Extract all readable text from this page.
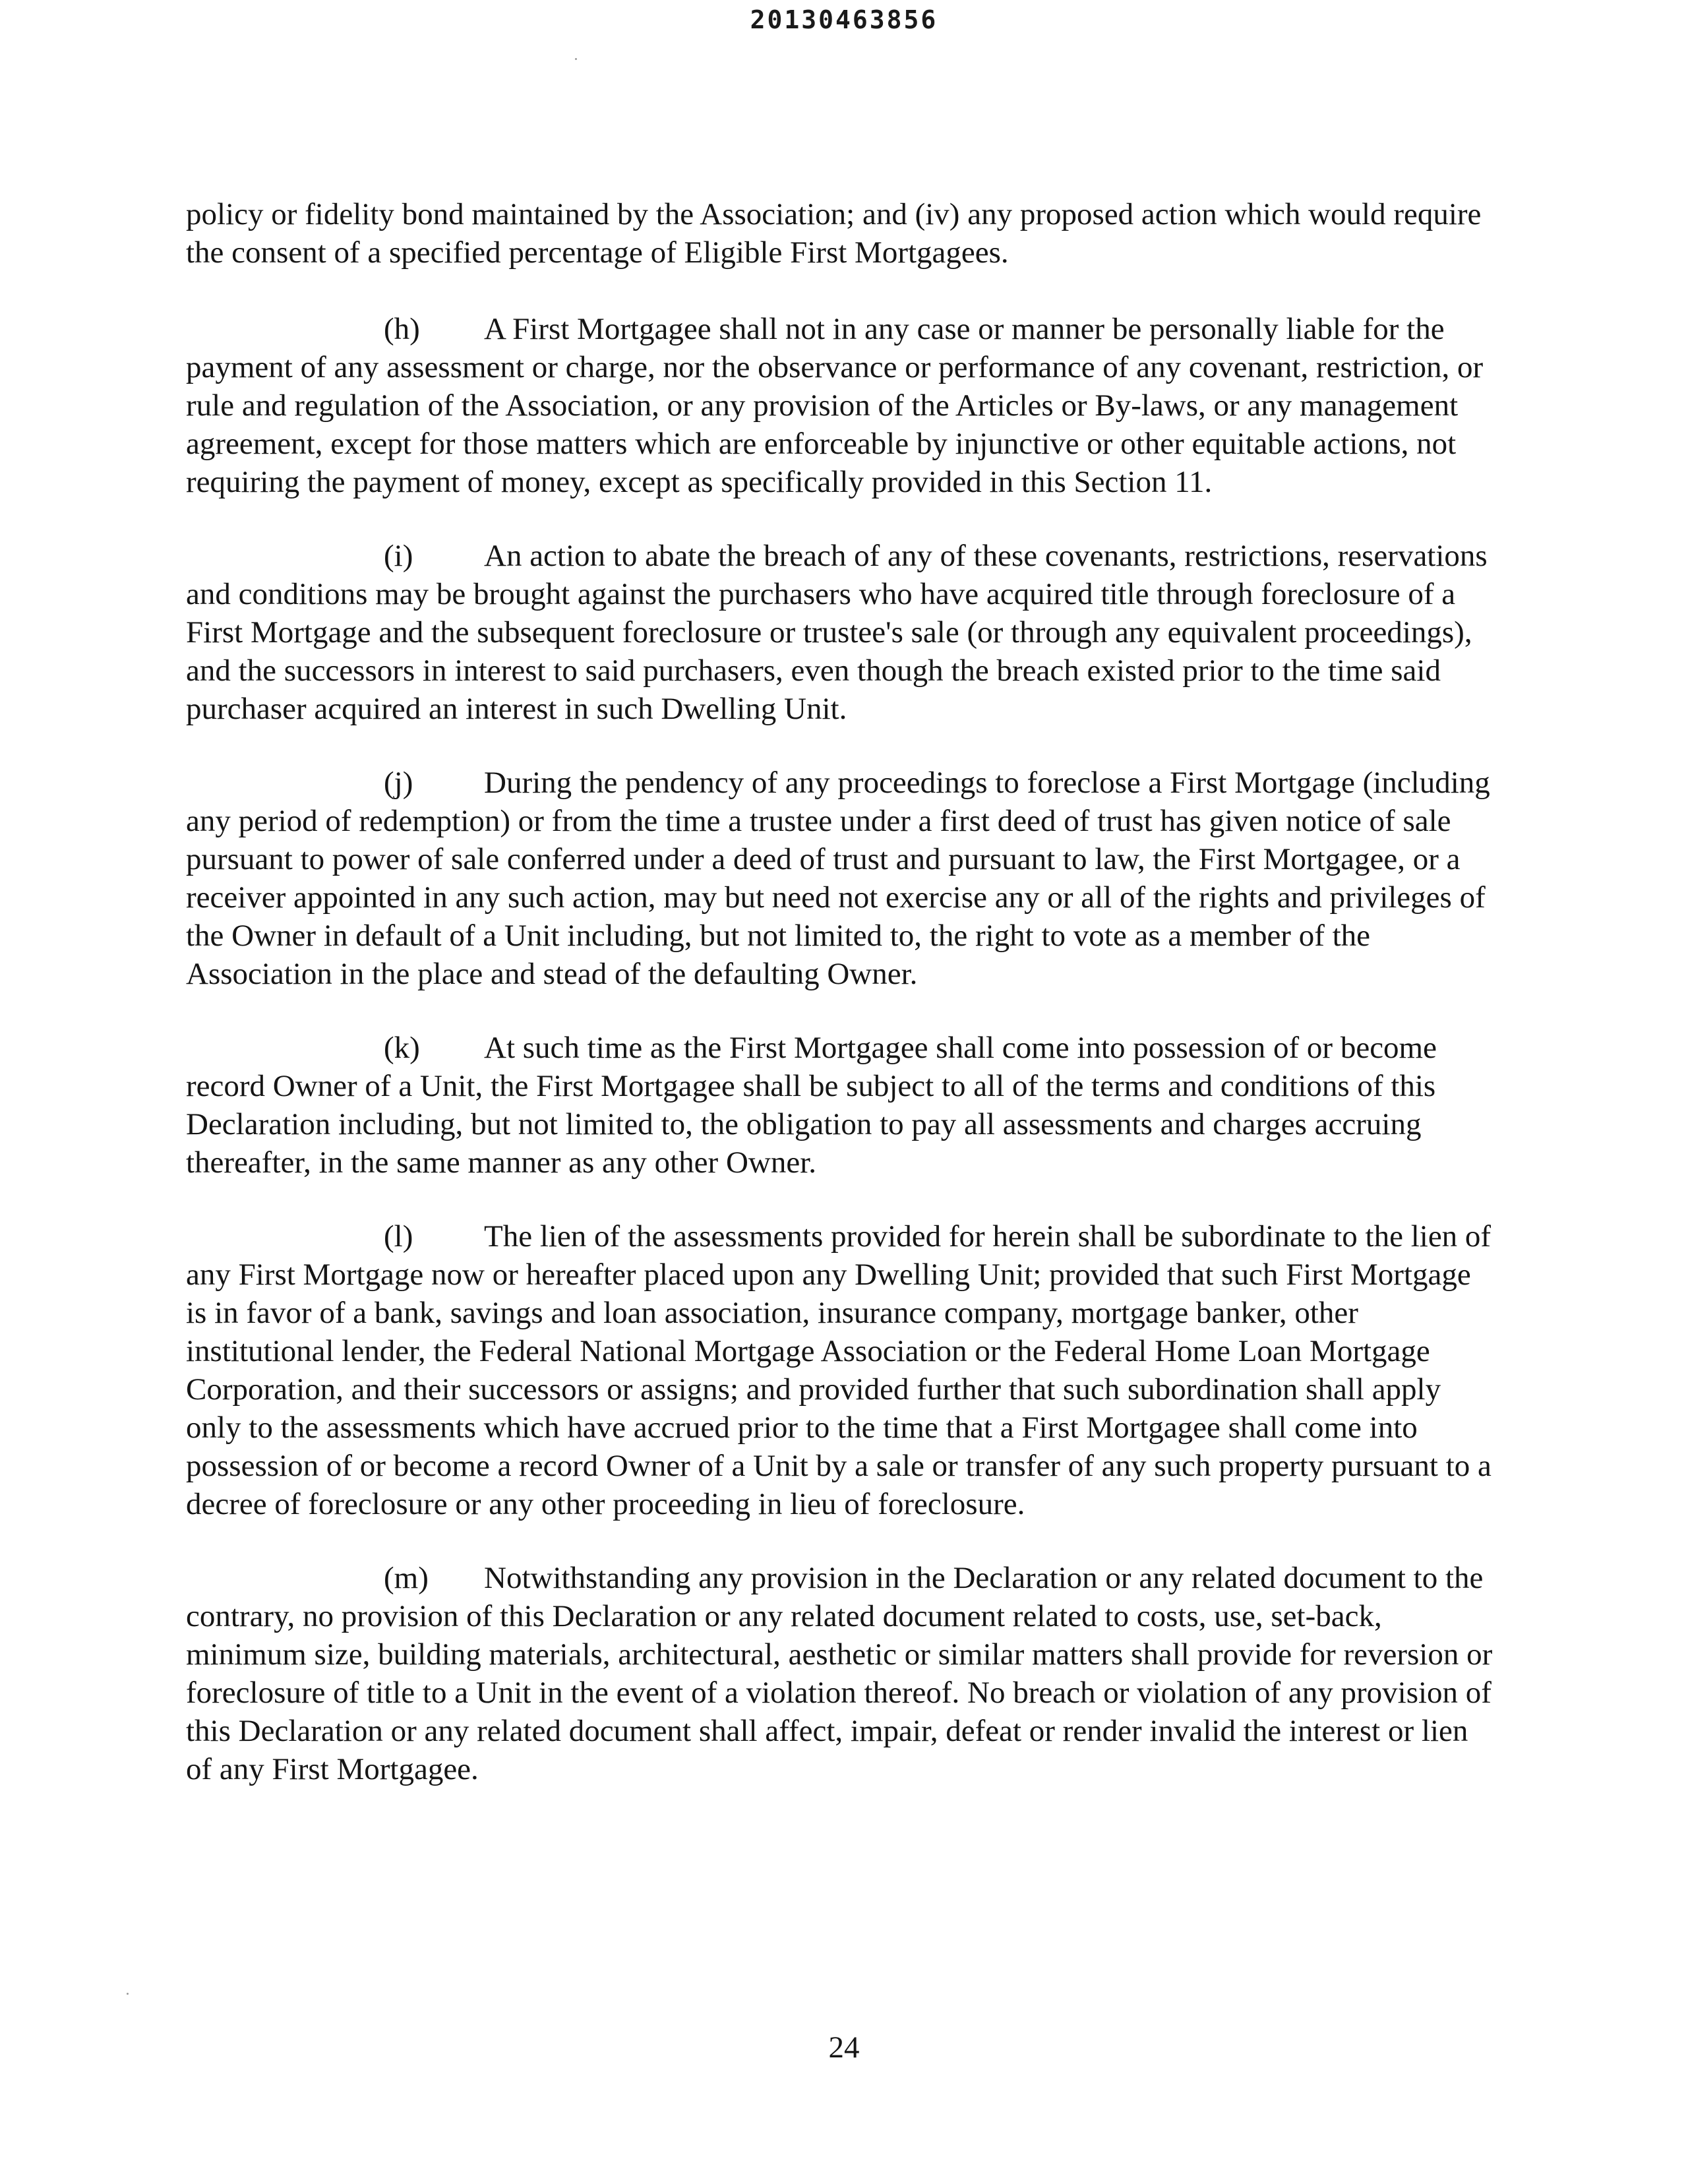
20130463856

policy or fidelity bond maintained by the Association; and (iv) any proposed action which would require the consent of a specified percentage of Eligible First Mortgagees.

(h) A First Mortgagee shall not in any case or manner be personally liable for the payment of any assessment or charge, nor the observance or performance of any covenant, restriction, or rule and regulation of the Association, or any provision of the Articles or By-laws, or any management agreement, except for those matters which are enforceable by injunctive or other equitable actions, not requiring the payment of money, except as specifically provided in this Section 11.

(i) An action to abate the breach of any of these covenants, restrictions, reservations and conditions may be brought against the purchasers who have acquired title through foreclosure of a First Mortgage and the subsequent foreclosure or trustee's sale (or through any equivalent proceedings), and the successors in interest to said purchasers, even though the breach existed prior to the time said purchaser acquired an interest in such Dwelling Unit.

(j) During the pendency of any proceedings to foreclose a First Mortgage (including any period of redemption) or from the time a trustee under a first deed of trust has given notice of sale pursuant to power of sale conferred under a deed of trust and pursuant to law, the First Mortgagee, or a receiver appointed in any such action, may but need not exercise any or all of the rights and privileges of the Owner in default of a Unit including, but not limited to, the right to vote as a member of the Association in the place and stead of the defaulting Owner.

(k) At such time as the First Mortgagee shall come into possession of or become record Owner of a Unit, the First Mortgagee shall be subject to all of the terms and conditions of this Declaration including, but not limited to, the obligation to pay all assessments and charges accruing thereafter, in the same manner as any other Owner.

(l) The lien of the assessments provided for herein shall be subordinate to the lien of any First Mortgage now or hereafter placed upon any Dwelling Unit; provided that such First Mortgage is in favor of a bank, savings and loan association, insurance company, mortgage banker, other institutional lender, the Federal National Mortgage Association or the Federal Home Loan Mortgage Corporation, and their successors or assigns; and provided further that such subordination shall apply only to the assessments which have accrued prior to the time that a First Mortgagee shall come into possession of or become a record Owner of a Unit by a sale or transfer of any such property pursuant to a decree of foreclosure or any other proceeding in lieu of foreclosure.

(m) Notwithstanding any provision in the Declaration or any related document to the contrary, no provision of this Declaration or any related document related to costs, use, set-back, minimum size, building materials, architectural, aesthetic or similar matters shall provide for reversion or foreclosure of title to a Unit in the event of a violation thereof. No breach or violation of any provision of this Declaration or any related document shall affect, impair, defeat or render invalid the interest or lien of any First Mortgagee.

24
